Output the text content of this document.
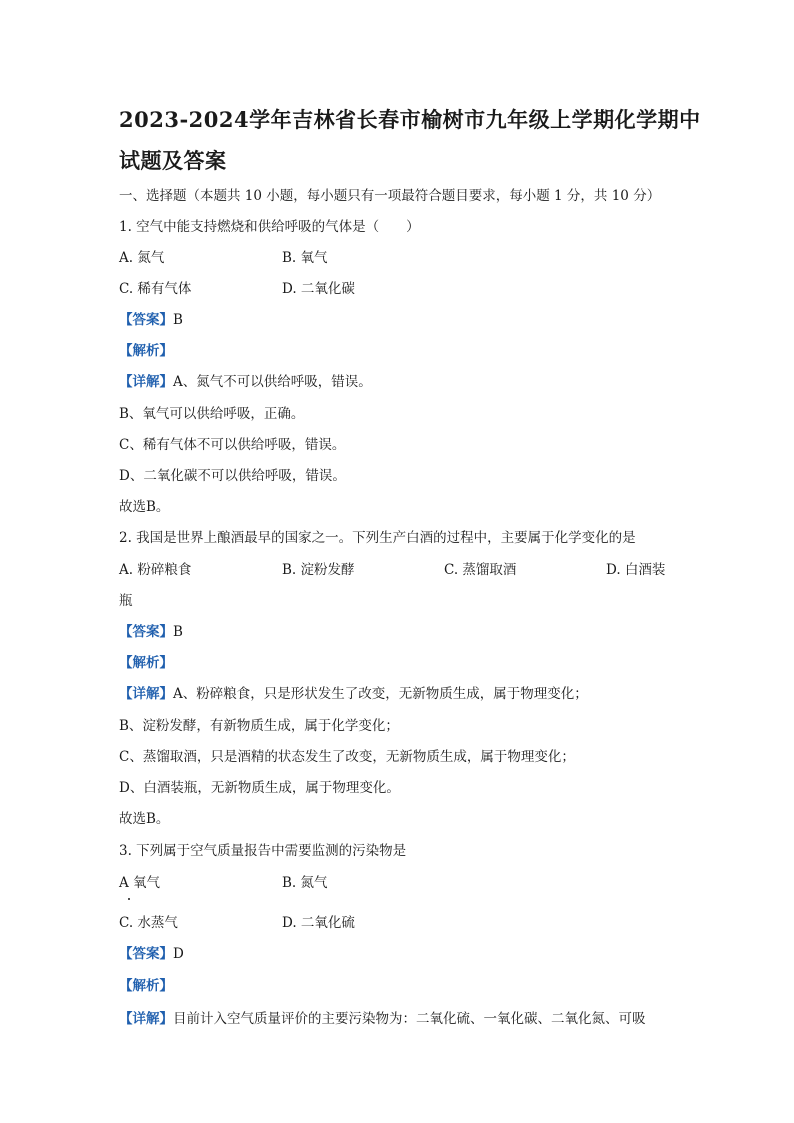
2023-2024学年吉林省长春市榆树市九年级上学期化学期中
试题及答案
一、选择题（本题共 10 小题，每小题只有一项最符合题目要求，每小题 1 分，共 10 分）
1. 空气中能支持燃烧和供给呼吸的气体是（　　）
A. 氮气	B. 氧气
C. 稀有气体	D. 二氧化碳
【答案】B
【解析】
【详解】A、氮气不可以供给呼吸，错误。
B、氧气可以供给呼吸，正确。
C、稀有气体不可以供给呼吸，错误。
D、二氧化碳不可以供给呼吸，错误。
故选B。
2. 我国是世界上酿酒最早的国家之一。下列生产白酒的过程中，主要属于化学变化的是
A. 粉碎粮食	B. 淀粉发酵	C. 蒸馏取酒	D. 白酒装
瓶
【答案】B
【解析】
【详解】A、粉碎粮食，只是形状发生了改变，无新物质生成，属于物理变化；
B、淀粉发酵，有新物质生成，属于化学变化；
C、蒸馏取酒，只是酒精的状态发生了改变，无新物质生成，属于物理变化；
D、白酒装瓶，无新物质生成，属于物理变化。
故选B。
3. 下列属于空气质量报告中需要监测的污染物是
A 氧气	B. 氮气
C. 水蒸气	D. 二氧化硫
【答案】D
【解析】
【详解】目前计入空气质量评价的主要污染物为：二氧化硫、一氧化碳、二氧化氮、可吸
